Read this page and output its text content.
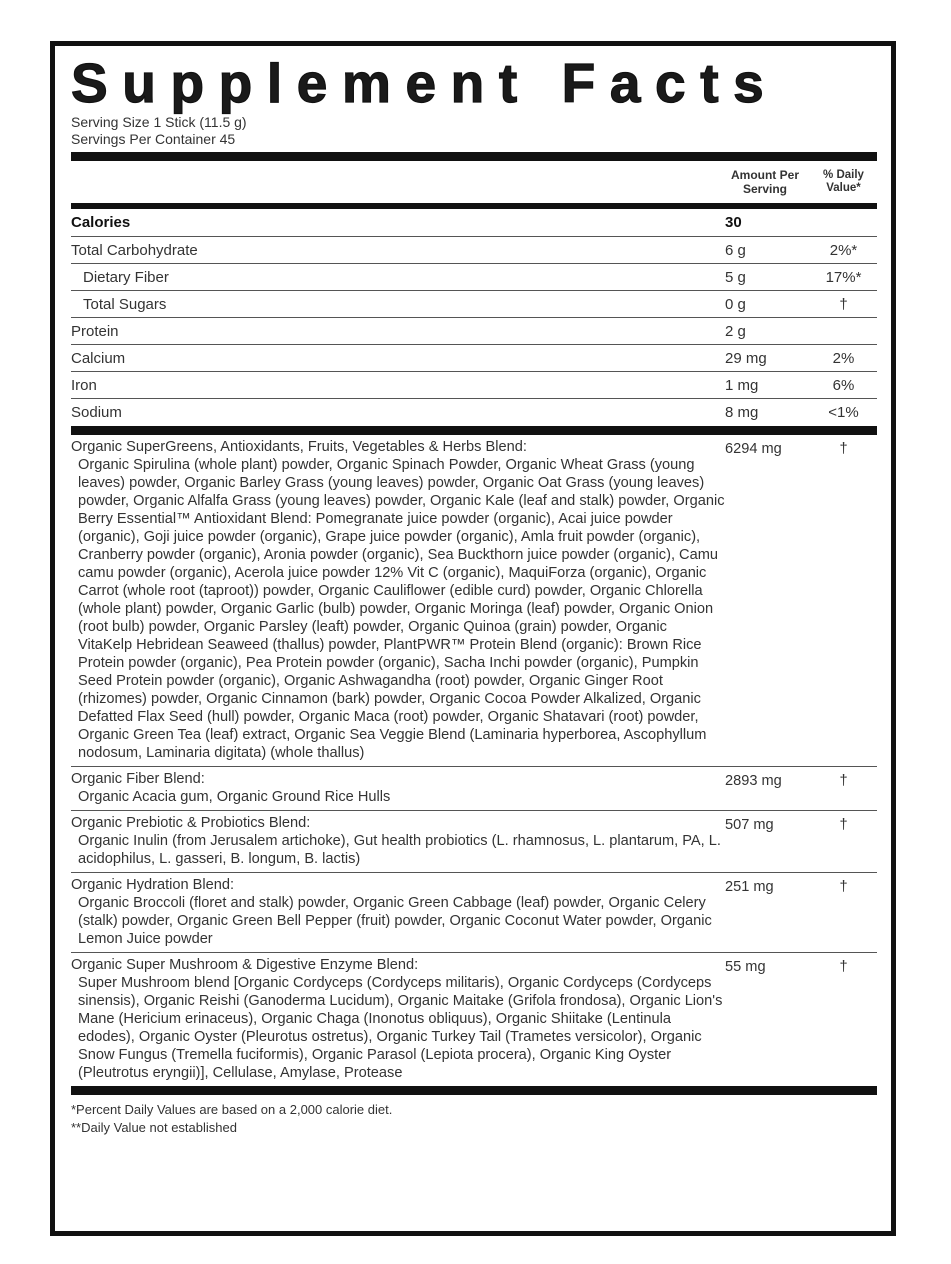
Supplement Facts
Serving Size 1 Stick (11.5 g)
Servings Per Container 45
Amount Per Serving
% Daily Value*
Calories	30
Total Carbohydrate	6 g	2%*
Dietary Fiber	5 g	17%*
Total Sugars	0 g	†
Protein	2 g
Calcium	29 mg	2%
Iron	1 mg	6%
Sodium	8 mg	<1%
Organic SuperGreens, Antioxidants, Fruits, Vegetables & Herbs Blend:
Organic Spirulina (whole plant) powder, Organic Spinach Powder, Organic Wheat Grass (young leaves) powder, Organic Barley Grass (young leaves) powder, Organic Oat Grass (young leaves) powder, Organic Alfalfa Grass (young leaves) powder, Organic Kale (leaf and stalk) powder, Organic Berry Essential™ Antioxidant Blend: Pomegranate juice powder (organic), Acai juice powder (organic), Goji juice powder (organic), Grape juice powder (organic), Amla fruit powder (organic), Cranberry powder (organic), Aronia powder (organic), Sea Buckthorn juice powder (organic), Camu camu powder (organic), Acerola juice powder 12% Vit C (organic), MaquiForza (organic), Organic Carrot (whole root (taproot)) powder, Organic Cauliflower (edible curd) powder, Organic Chlorella (whole plant) powder, Organic Garlic (bulb) powder, Organic Moringa (leaf) powder, Organic Onion (root bulb) powder, Organic Parsley (leaft) powder, Organic Quinoa (grain) powder, Organic VitaKelp Hebridean Seaweed (thallus) powder, PlantPWR™ Protein Blend (organic): Brown Rice Protein powder (organic), Pea Protein powder (organic), Sacha Inchi powder (organic), Pumpkin Seed Protein powder (organic), Organic Ashwagandha (root) powder, Organic Ginger Root (rhizomes) powder, Organic Cinnamon (bark) powder, Organic Cocoa Powder Alkalized, Organic Defatted Flax Seed (hull) powder, Organic Maca (root) powder, Organic Shatavari (root) powder, Organic Green Tea (leaf) extract, Organic Sea Veggie Blend (Laminaria hyperborea, Ascophyllum nodosum, Laminaria digitata) (whole thallus)
6294 mg	†
Organic Fiber Blend:
Organic Acacia gum, Organic Ground Rice Hulls
2893 mg	†
Organic Prebiotic & Probiotics Blend:
Organic Inulin (from Jerusalem artichoke), Gut health probiotics (L. rhamnosus, L. plantarum, PA, L. acidophilus, L. gasseri, B. longum, B. lactis)
507 mg	†
Organic Hydration Blend:
Organic Broccoli (floret and stalk) powder, Organic Green Cabbage (leaf) powder, Organic Celery (stalk) powder, Organic Green Bell Pepper (fruit) powder, Organic Coconut Water powder, Organic Lemon Juice powder
251 mg	†
Organic Super Mushroom & Digestive Enzyme Blend:
Super Mushroom blend [Organic Cordyceps (Cordyceps militaris), Organic Cordyceps (Cordyceps sinensis), Organic Reishi (Ganoderma Lucidum), Organic Maitake (Grifola frondosa), Organic Lion's Mane (Hericium erinaceus), Organic Chaga (Inonotus obliquus), Organic Shiitake (Lentinula edodes), Organic Oyster (Pleurotus ostretus), Organic Turkey Tail (Trametes versicolor), Organic Snow Fungus (Tremella fuciformis), Organic Parasol (Lepiota procera), Organic King Oyster (Pleutrotus eryngii)], Cellulase, Amylase, Protease
55 mg	†
*Percent Daily Values are based on a 2,000 calorie diet.
**Daily Value not established
